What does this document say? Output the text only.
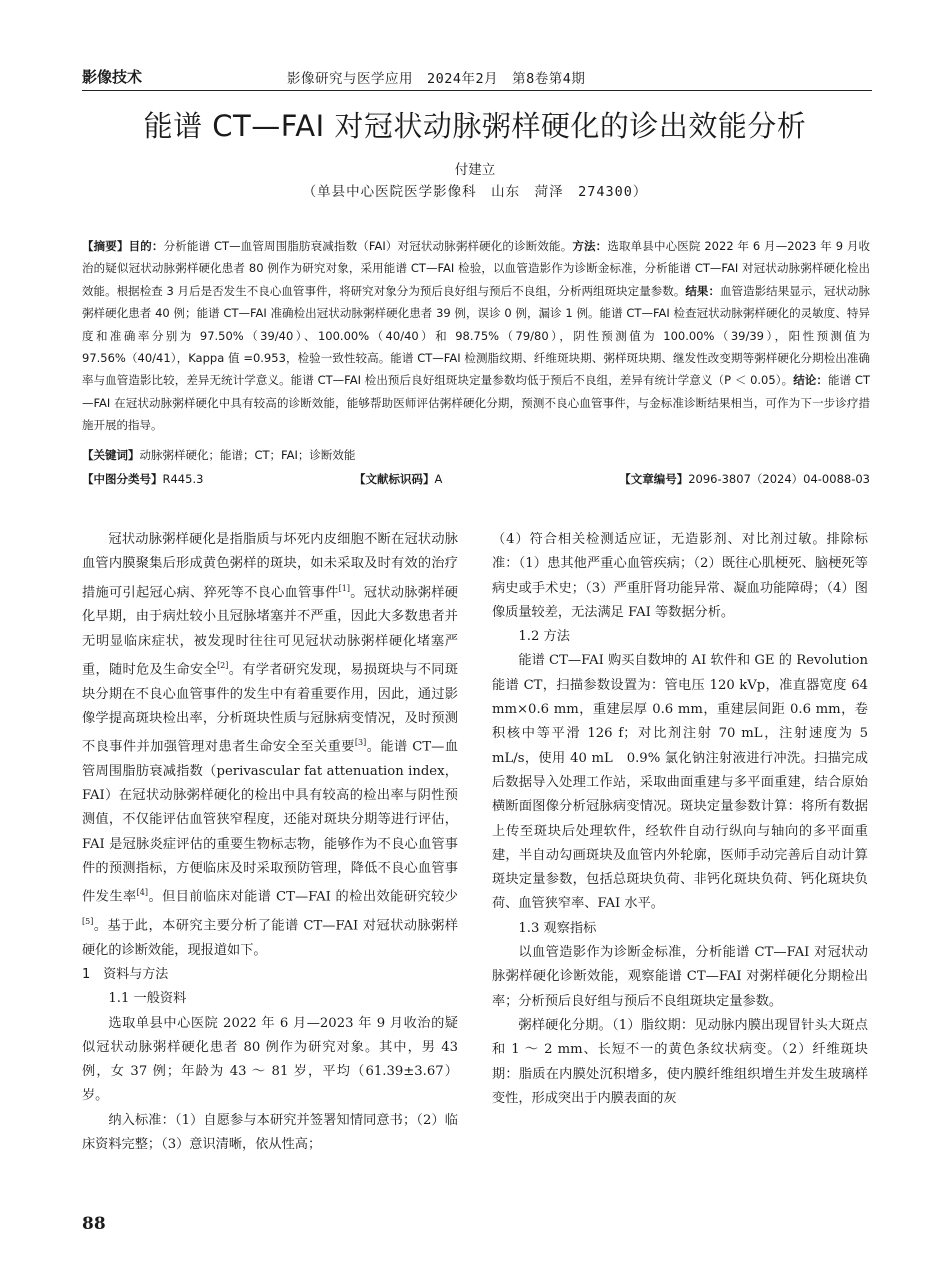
影像技术	影像研究与医学应用　2024年2月　第8卷第4期
能谱 CT—FAI 对冠状动脉粥样硬化的诊出效能分析
付建立
（单县中心医院医学影像科　山东　菏泽　274300）
【摘要】目的：分析能谱 CT—血管周围脂肪衰减指数（FAI）对冠状动脉粥样硬化的诊断效能。方法：选取单县中心医院 2022 年 6 月—2023 年 9 月收治的疑似冠状动脉粥样硬化患者 80 例作为研究对象，采用能谱 CT—FAI 检验，以血管造影作为诊断金标准，分析能谱 CT—FAI 对冠状动脉粥样硬化检出效能。根据检查 3 月后是否发生不良心血管事件，将研究对象分为预后良好组与预后不良组，分析两组斑块定量参数。结果：血管造影结果显示，冠状动脉粥样硬化患者 40 例；能谱 CT—FAI 准确检出冠状动脉粥样硬化患者 39 例，误诊 0 例，漏诊 1 例。能谱 CT—FAI 检查冠状动脉粥样硬化的灵敏度、特异度和准确率分别为 97.50%（39/40）、100.00%（40/40）和 98.75%（79/80），阴性预测值为 100.00%（39/39），阳性预测值为 97.56%（40/41），Kappa 值 =0.953，检验一致性较高。能谱 CT—FAI 检测脂纹期、纤维斑块期、粥样斑块期、继发性改变期等粥样硬化分期检出准确率与血管造影比较，差异无统计学意义。能谱 CT—FAI 检出预后良好组斑块定量参数均低于预后不良组，差异有统计学意义（P ＜ 0.05）。结论：能谱 CT—FAI 在冠状动脉粥样硬化中具有较高的诊断效能，能够帮助医师评估粥样硬化分期，预测不良心血管事件，与金标准诊断结果相当，可作为下一步诊疗措施开展的指导。
【关键词】动脉粥样硬化；能谱；CT；FAI；诊断效能
【中图分类号】R445.3	【文献标识码】A	【文章编号】2096-3807（2024）04-0088-03

冠状动脉粥样硬化是指脂质与坏死内皮细胞不断在冠状动脉血管内膜聚集后形成黄色粥样的斑块，如未采取及时有效的治疗措施可引起冠心病、猝死等不良心血管事件[1]。冠状动脉粥样硬化早期，由于病灶较小且冠脉堵塞并不严重，因此大多数患者并无明显临床症状，被发现时往往可见冠状动脉粥样硬化堵塞严重，随时危及生命安全[2]。有学者研究发现，易损斑块与不同斑块分期在不良心血管事件的发生中有着重要作用，因此，通过影像学提高斑块检出率，分析斑块性质与冠脉病变情况，及时预测不良事件并加强管理对患者生命安全至关重要[3]。能谱 CT—血管周围脂肪衰减指数（perivascular fat attenuation index，FAI）在冠状动脉粥样硬化的检出中具有较高的检出率与阴性预测值，不仅能评估血管狭窄程度，还能对斑块分期等进行评估，FAI 是冠脉炎症评估的重要生物标志物，能够作为不良心血管事件的预测指标，方便临床及时采取预防管理，降低不良心血管事件发生率[4]。但目前临床对能谱 CT—FAI 的检出效能研究较少[5]。基于此，本研究主要分析了能谱 CT—FAI 对冠状动脉粥样硬化的诊断效能，现报道如下。

1　资料与方法

1.1 一般资料

选取单县中心医院 2022 年 6 月—2023 年 9 月收治的疑似冠状动脉粥样硬化患者 80 例作为研究对象。其中，男 43 例，女 37 例；年龄为 43 ～ 81 岁，平均（61.39±3.67）岁。

纳入标准：（1）自愿参与本研究并签署知情同意书；（2）临床资料完整；（3）意识清晰，依从性高；

（4）符合相关检测适应证，无造影剂、对比剂过敏。排除标准：（1）患其他严重心血管疾病；（2）既往心肌梗死、脑梗死等病史或手术史；（3）严重肝肾功能异常、凝血功能障碍；（4）图像质量较差，无法满足 FAI 等数据分析。

1.2 方法

能谱 CT—FAI 购买自数坤的 AI 软件和 GE 的 Revolution 能谱 CT，扫描参数设置为：管电压 120 kVp，准直器宽度 64 mm×0.6 mm，重建层厚 0.6 mm，重建层间距 0.6 mm，卷积核中等平滑 126 f；对比剂注射 70 mL，注射速度为 5 mL/s，使用 40 mL　0.9% 氯化钠注射液进行冲洗。扫描完成后数据导入处理工作站，采取曲面重建与多平面重建，结合原始横断面图像分析冠脉病变情况。斑块定量参数计算：将所有数据上传至斑块后处理软件，经软件自动行纵向与轴向的多平面重建，半自动勾画斑块及血管内外轮廓，医师手动完善后自动计算斑块定量参数，包括总斑块负荷、非钙化斑块负荷、钙化斑块负荷、血管狭窄率、FAI 水平。

1.3 观察指标

以血管造影作为诊断金标准，分析能谱 CT—FAI 对冠状动脉粥样硬化诊断效能，观察能谱 CT—FAI 对粥样硬化分期检出率；分析预后良好组与预后不良组斑块定量参数。

粥样硬化分期。（1）脂纹期：见动脉内膜出现冒针头大斑点和 1 ～ 2 mm、长短不一的黄色条纹状病变。（2）纤维斑块期：脂质在内膜处沉积增多，使内膜纤维组织增生并发生玻璃样变性，形成突出于内膜表面的灰

88
